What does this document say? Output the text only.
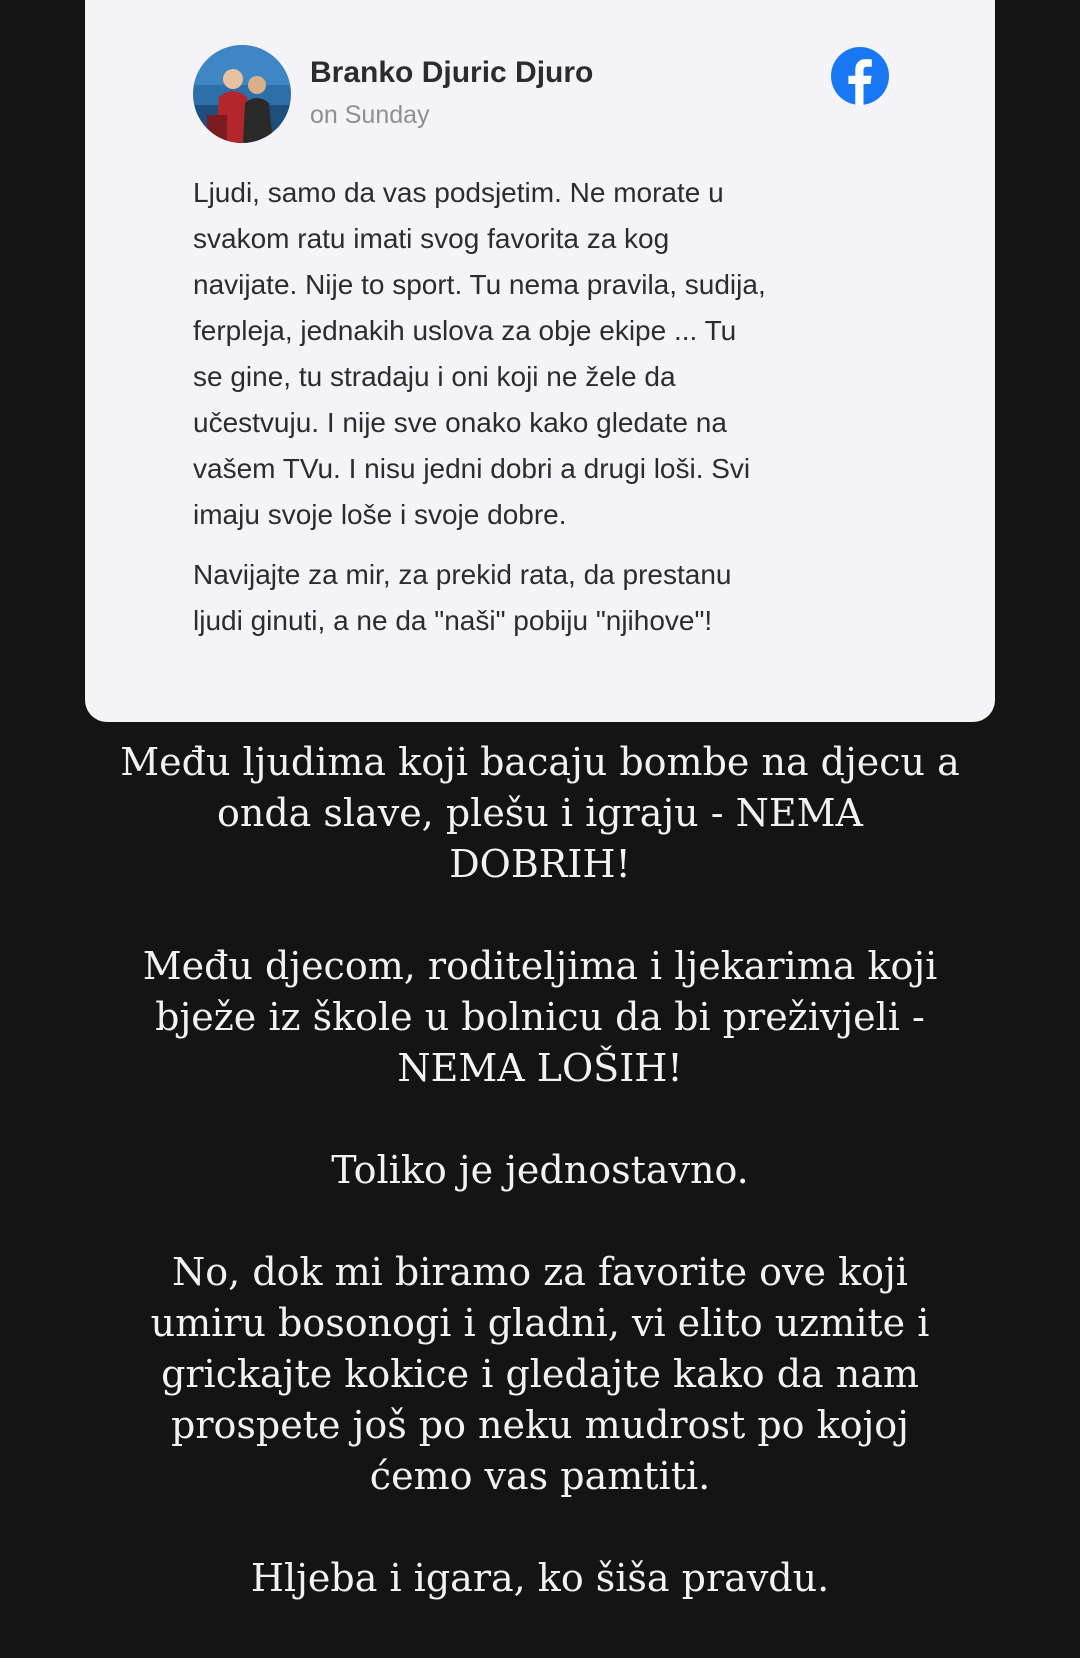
Branko Djuric Djuro
on Sunday

Ljudi, samo da vas podsjetim. Ne morate u
svakom ratu imati svog favorita za kog
navijate. Nije to sport. Tu nema pravila, sudija,
ferpleja, jednakih uslova za obje ekipe ... Tu
se gine, tu stradaju i oni koji ne žele da
učestvuju. I nije sve onako kako gledate na
vašem TVu. I nisu jedni dobri a drugi loši. Svi
imaju svoje loše i svoje dobre.

Navijajte za mir, za prekid rata, da prestanu
ljudi ginuti, a ne da "naši" pobiju "njihove"!

Među ljudima koji bacaju bombe na djecu a
onda slave, plešu i igraju - NEMA
DOBRIH!

Među djecom, roditeljima i ljekarima koji
bježe iz škole u bolnicu da bi preživjeli -
NEMA LOŠIH!

Toliko je jednostavno.

No, dok mi biramo za favorite ove koji
umiru bosonogi i gladni, vi elito uzmite i
grickajte kokice i gledajte kako da nam
prospete još po neku mudrost po kojoj
ćemo vas pamtiti.

Hljeba i igara, ko šiša pravdu.
